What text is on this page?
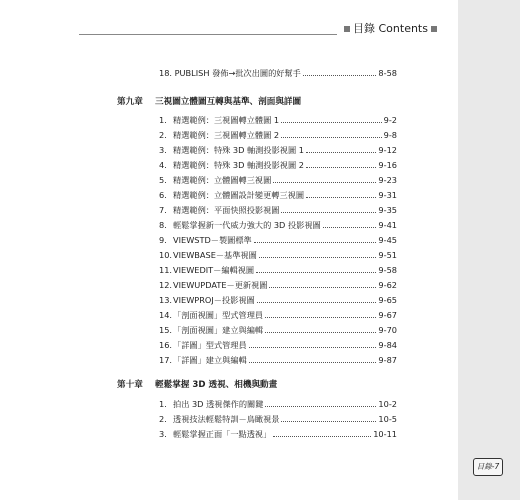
目錄 Contents
18. PUBLISH 發佈→批次出圖的好幫手	8-58
第九章 三視圖立體圖互轉與基準、剖面與詳圖
1. 精選範例：三視圖轉立體圖 1	9-2
2. 精選範例：三視圖轉立體圖 2	9-8
3. 精選範例：特殊 3D 軸測投影視圖 1	9-12
4. 精選範例：特殊 3D 軸測投影視圖 2	9-16
5. 精選範例：立體圖轉三視圖	9-23
6. 精選範例：立體圖設計變更轉三視圖	9-31
7. 精選範例：平面快照投影視圖	9-35
8. 輕鬆掌握新一代威力強大的 3D 投影視圖	9-41
9. VIEWSTD－製圖標準	9-45
10. VIEWBASE－基準視圖	9-51
11. VIEWEDIT－編輯視圖	9-58
12. VIEWUPDATE－更新視圖	9-62
13. VIEWPROJ－投影視圖	9-65
14. 「剖面視圖」型式管理員	9-67
15. 「剖面視圖」建立與編輯	9-70
16. 「詳圖」型式管理員	9-84
17. 「詳圖」建立與編輯	9-87
第十章 輕鬆掌握 3D 透視、相機與動畫
1. 拍出 3D 透視傑作的關鍵	10-2
2. 透視技法輕鬆特訓－鳥瞰視景	10-5
3. 輕鬆掌握正面「一點透視」	10-11
目錄-7
